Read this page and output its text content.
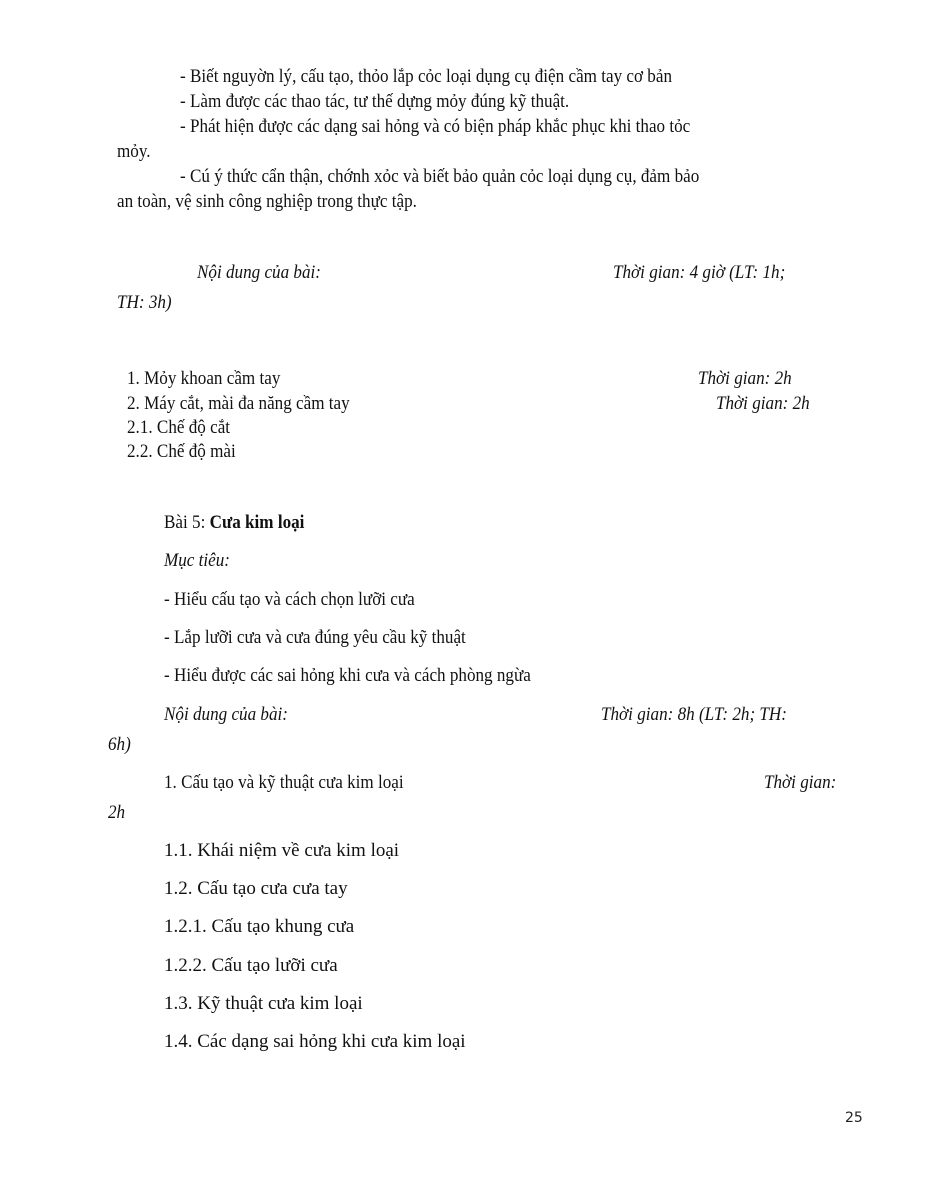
- Biết nguyờn lý, cấu tạo, thỏo lắp cỏc loại dụng cụ điện cầm tay cơ bản
- Làm được các thao tác, tư thế dựng mỏy đúng kỹ thuật.
- Phát hiện được các dạng sai hỏng và có biện pháp khắc phục khi thao tỏc
mỏy.
- Cú ý thức cẩn thận, chớnh xỏc và biết bảo quản cỏc loại dụng cụ, đảm bảo
an toàn, vệ sinh công nghiệp trong thực tập.
Nội dung của bài:	Thời gian: 4 giờ (LT: 1h;
TH: 3h)
1. Mỏy khoan cầm tay	Thời gian: 2h
2. Máy cắt, mài đa năng cầm tay	Thời gian: 2h
2.1. Chế độ cắt
2.2. Chế độ mài
Bài 5: Cưa kim loại
Mục tiêu:
- Hiểu cấu tạo và cách chọn lưỡi cưa
- Lắp lưỡi cưa và cưa đúng yêu cầu kỹ thuật
- Hiểu được các sai hỏng khi cưa và cách phòng ngừa
Nội dung của bài:	Thời gian: 8h (LT: 2h; TH:
6h)
1. Cấu tạo và kỹ thuật cưa kim loại	Thời gian:
2h
1.1. Khái niệm về cưa kim loại
1.2. Cấu tạo cưa cưa tay
1.2.1. Cấu tạo khung cưa
1.2.2. Cấu tạo lưỡi cưa
1.3. Kỹ thuật cưa kim loại
1.4. Các dạng sai hỏng khi cưa kim loại
25
